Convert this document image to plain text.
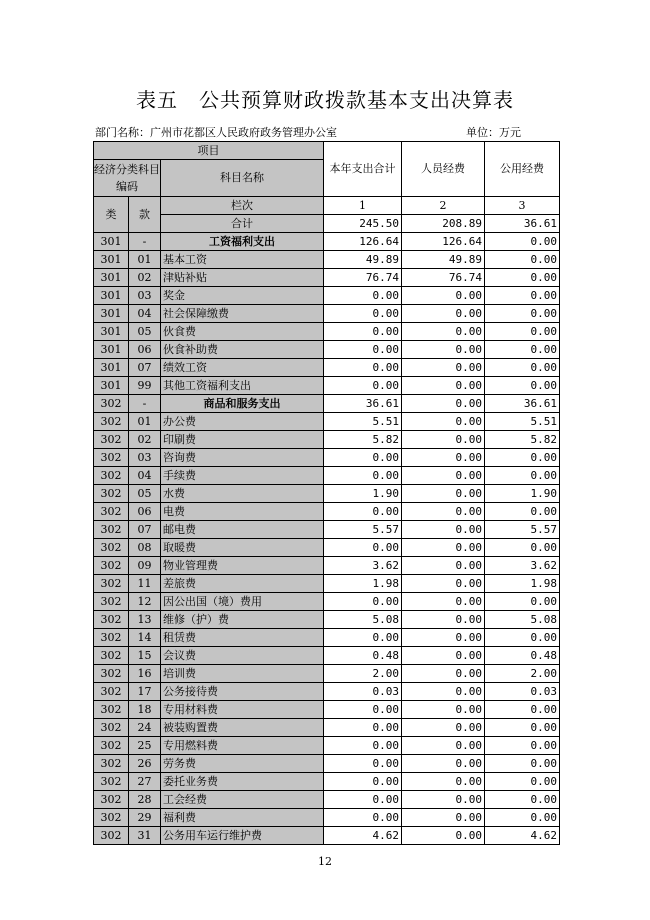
表五　公共预算财政拨款基本支出决算表
部门名称：广州市花都区人民政府政务管理办公室	单位：万元
项目			本年支出合计	人员经费	公用经费
经济分类科目编码		科目名称			
类	款	栏次	1	2	3
		合计	245.50	208.89	36.61
301	-	工资福利支出	126.64	126.64	0.00
301	01	基本工资	49.89	49.89	0.00
301	02	津贴补贴	76.74	76.74	0.00
301	03	奖金	0.00	0.00	0.00
301	04	社会保障缴费	0.00	0.00	0.00
301	05	伙食费	0.00	0.00	0.00
301	06	伙食补助费	0.00	0.00	0.00
301	07	绩效工资	0.00	0.00	0.00
301	99	其他工资福利支出	0.00	0.00	0.00
302	-	商品和服务支出	36.61	0.00	36.61
302	01	办公费	5.51	0.00	5.51
302	02	印刷费	5.82	0.00	5.82
302	03	咨询费	0.00	0.00	0.00
302	04	手续费	0.00	0.00	0.00
302	05	水费	1.90	0.00	1.90
302	06	电费	0.00	0.00	0.00
302	07	邮电费	5.57	0.00	5.57
302	08	取暖费	0.00	0.00	0.00
302	09	物业管理费	3.62	0.00	3.62
302	11	差旅费	1.98	0.00	1.98
302	12	因公出国（境）费用	0.00	0.00	0.00
302	13	维修（护）费	5.08	0.00	5.08
302	14	租赁费	0.00	0.00	0.00
302	15	会议费	0.48	0.00	0.48
302	16	培训费	2.00	0.00	2.00
302	17	公务接待费	0.03	0.00	0.03
302	18	专用材料费	0.00	0.00	0.00
302	24	被装购置费	0.00	0.00	0.00
302	25	专用燃料费	0.00	0.00	0.00
302	26	劳务费	0.00	0.00	0.00
302	27	委托业务费	0.00	0.00	0.00
302	28	工会经费	0.00	0.00	0.00
302	29	福利费	0.00	0.00	0.00
302	31	公务用车运行维护费	4.62	0.00	4.62
12
